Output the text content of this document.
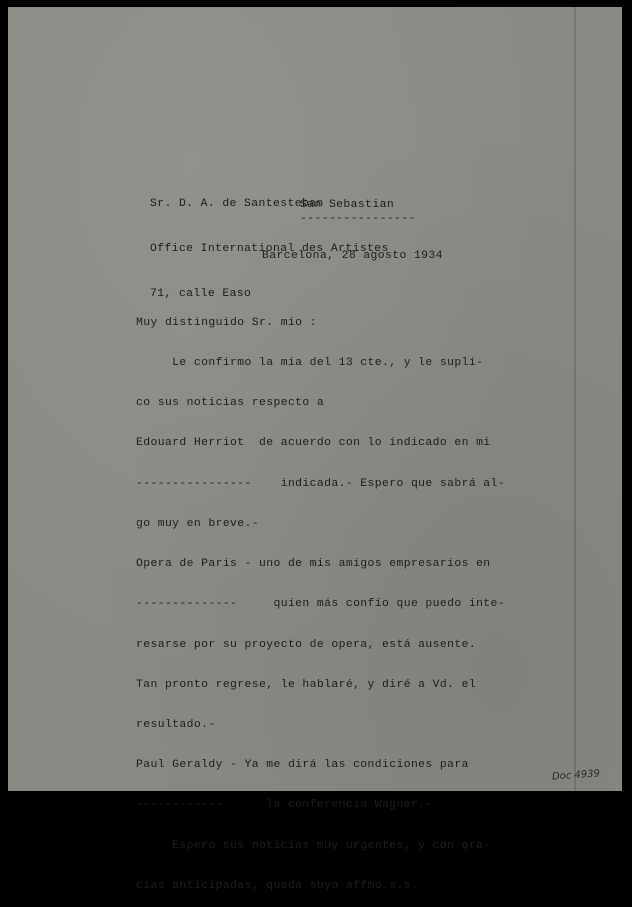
Sr. D. A. de Santesteban

Office International des Artistes

71, calle Easo

San Sebastian
----------------
Barcelona, 28 agosto 1934

Muy distinguido Sr. mio :

Le confirmo la mia del 13 cte., y le suplí-

co sus noticias respecto a

Edouard Herriot  de acuerdo con lo indicado en mi

----------------    indicada.- Espero que sabrá al-

go muy en breve.-

Opera de Paris - uno de mis amigos empresarios en

--------------     quien más confío que puedo inte-

resarse por su proyecto de opera, está ausente.

Tan pronto regrese, le hablaré, y diré a Vd. el

resultado.-

Paul Geraldy - Ya me dirá las condiciones para

------------      la conferencia Wagner.-

Espero sus noticias muy urgentes, y con gra-

cias anticipadas, queda suyo affmo.s.s.

Doc 4939
